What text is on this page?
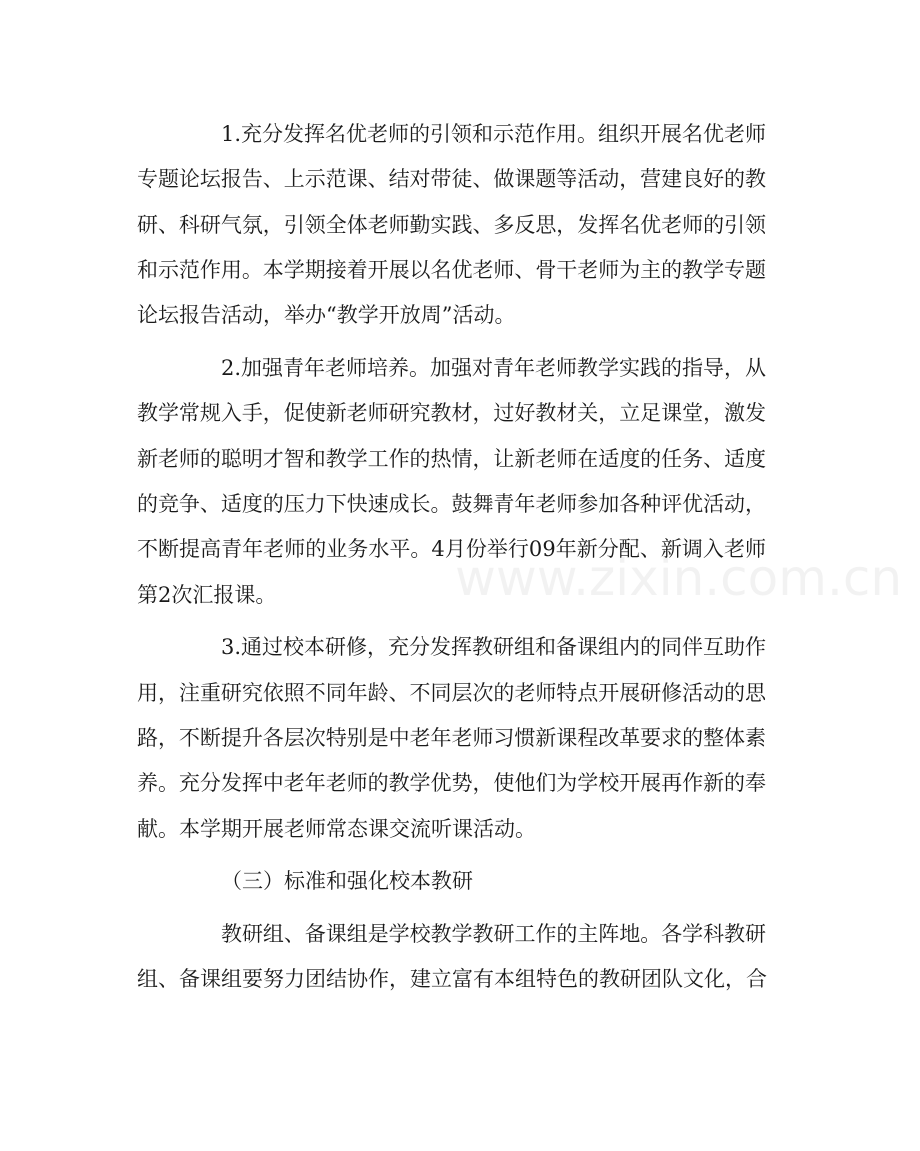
www.zixin.com.cn
1.充分发挥名优老师的引领和示范作用。组织开展名优老师
专题论坛报告、上示范课、结对带徒、做课题等活动，营建良好的教
研、科研气氛，引领全体老师勤实践、多反思，发挥名优老师的引领
和示范作用。本学期接着开展以名优老师、骨干老师为主的教学专题
论坛报告活动，举办“教学开放周”活动。
2.加强青年老师培养。加强对青年老师教学实践的指导，从
教学常规入手，促使新老师研究教材，过好教材关，立足课堂，激发
新老师的聪明才智和教学工作的热情，让新老师在适度的任务、适度
的竞争、适度的压力下快速成长。鼓舞青年老师参加各种评优活动，
不断提高青年老师的业务水平。4月份举行09年新分配、新调入老师
第2次汇报课。
3.通过校本研修，充分发挥教研组和备课组内的同伴互助作
用，注重研究依照不同年龄、不同层次的老师特点开展研修活动的思
路，不断提升各层次特别是中老年老师习惯新课程改革要求的整体素
养。充分发挥中老年老师的教学优势，使他们为学校开展再作新的奉
献。本学期开展老师常态课交流听课活动。
（三）标准和强化校本教研
教研组、备课组是学校教学教研工作的主阵地。各学科教研
组、备课组要努力团结协作，建立富有本组特色的教研团队文化，合
